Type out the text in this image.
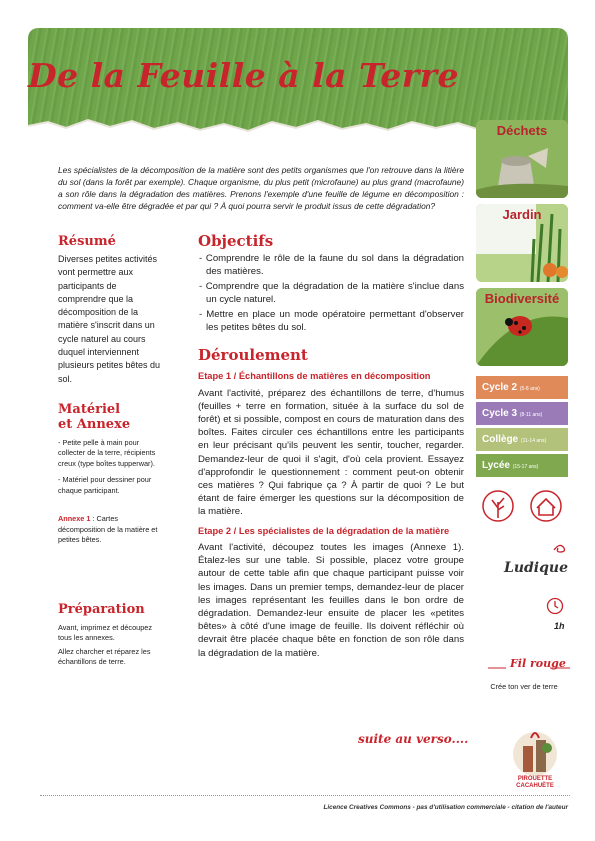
De la Feuille à la Terre

Les spécialistes de la décomposition de la matière sont des petits organismes que l'on retrouve dans la litière du sol (dans la forêt par exemple). Chaque organisme, du plus petit (microfaune) au plus grand (macrofaune) a son rôle dans la dégradation des matières. Prenons l'exemple d'une feuille de légume en décomposition : comment va-elle être dégradée et par qui ? À quoi pourra servir le produit issus de cette dégradation?

Résumé

Diverses petites activités vont permettre aux participants de comprendre que la décomposition de la matière s'inscrit dans un cycle naturel au cours duquel interviennent plusieurs petites bêtes du sol.

Matériel
et Annexe

- Petite pelle à main pour collecter de la terre, récipients creux (type boîtes tupperwar).

- Matériel pour dessiner pour chaque participant.

Annexe 1 : Cartes décomposition de la matière et petites bêtes.

Préparation

Avant, imprimez et découpez tous les annexes.

Allez charcher et réparez les échantillons de terre.

Objectifs

- Comprendre le rôle de la faune du sol dans la dégradation des matières.

- Comprendre que la dégradation de la matière s'inclue dans un cycle naturel.

- Mettre en place un mode opératoire permettant d'observer les petites bêtes du sol.

Déroulement

Etape 1 / Échantillons de matières en décomposition

Avant l'activité, préparez des échantillons de terre, d'humus (feuilles + terre en formation, située à la surface du sol de forêt) et si possible, compost en cours de maturation dans des boîtes. Faites circuler ces échantillons entre les participants en leur précisant qu'ils peuvent les sentir, toucher, regarder. Demandez-leur de quoi il s'agit, d'où cela provient. Essayez d'approfondir le questionnement : comment peut-on obtenir ces matières ? Qui fabrique ça ? À partir de quoi ? Le but étant de faire émerger les questions sur la décomposition de la matière.

Etape 2 / Les spécialistes de la dégradation de la matière

Avant l'activité, découpez toutes les images (Annexe 1). Étalez-les sur une table. Si possible, placez votre groupe autour de cette table afin que chaque participant puisse voir les images. Dans un premier temps, demandez-leur de placer les images représentant les feuilles dans le bon ordre de dégradation. Demandez-leur ensuite de placer les «petites bêtes» à côté d'une image de feuille. Ils doivent réfléchir où devrait être placée chaque bête en fonction de son rôle dans la dégradation de la matière.

suite au verso....
Déchets
Jardin
Biodiversité
Cycle 2 (5-8 ans)
Cycle 3 (8-11 ans)
Collège (11-14 ans)
Lycée (15-17 ans)
Ludique
1h
Fil rouge
Crée ton ver de terre
PIROUETTE CACAHUÈTE
Licence Creatives Commons - pas d'utilisation commerciale - citation de l'auteur
